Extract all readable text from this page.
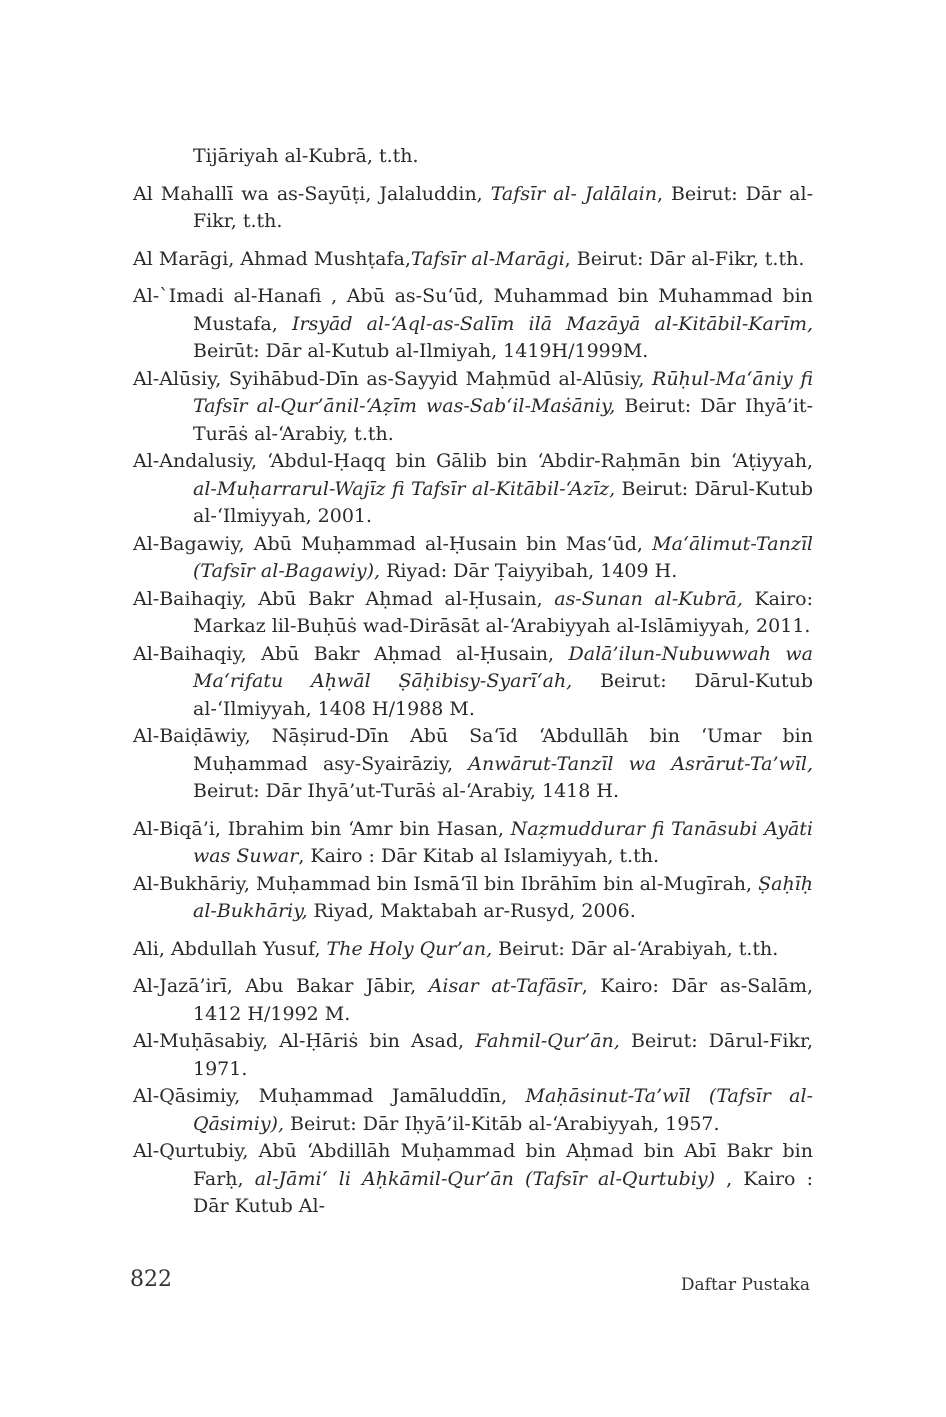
Tijāriyah al-Kubrā, t.th.

Al Mahallī wa as-Sayūṭi, Jalaluddin, Tafsīr al- Jalālain, Beirut: Dār al-Fikr, t.th.

Al Marāgi, Ahmad Mushṭafa,Tafsīr al-Marāgi, Beirut: Dār al-Fikr, t.th.

Al-`Imadi al-Hanafi , Abū as-Su‘ūd, Muhammad bin Muhammad bin Mustafa, Irsyād al-‘Aql-as-Salīm ilā Mazāyā al-Kitābil-Karīm, Beirūt: Dār al-Kutub al-Ilmiyah, 1419H/1999M.

Al-Alūsiy, Syihābud-Dīn as-Sayyid Maḥmūd al-Alūsiy, Rūḥul-Ma‘āniy fi Tafsīr al-Qur’ānil-‘Aẓīm was-Sab‘il-Maṡāniy, Beirut: Dār Ihyā’it-Turāṡ al-‘Arabiy, t.th.

Al-Andalusiy, ‘Abdul-Ḥaqq bin Gālib bin ‘Abdir-Raḥmān bin ‘Aṭiyyah, al-Muḥarrarul-Wajīz fi Tafsīr al-Kitābil-‘Azīz, Beirut: Dārul-Kutub al-‘Ilmiyyah, 2001.

Al-Bagawiy, Abū Muḥammad al-Ḥusain bin Mas‘ūd, Ma‘ālimut-Tanzīl (Tafsīr al-Bagawiy), Riyad: Dār Ṭaiyyibah, 1409 H.

Al-Baihaqiy, Abū Bakr Aḥmad al-Ḥusain, as-Sunan al-Kubrā, Kairo: Markaz lil-Buḥūṡ wad-Dirāsāt al-‘Arabiyyah al-Islāmiyyah, 2011.

Al-Baihaqiy, Abū Bakr Aḥmad al-Ḥusain, Dalā’ilun-Nubuwwah wa Ma‘rifatu Aḥwāl Ṣāḥibisy-Syarī‘ah, Beirut: Dārul-Kutub al-‘Ilmiyyah, 1408 H/1988 M.

Al-Baiḍāwiy, Nāṣirud-Dīn Abū Sa‘īd ‘Abdullāh bin ‘Umar bin Muḥammad asy-Syairāziy, Anwārut-Tanzīl wa Asrārut-Ta’wīl, Beirut: Dār Ihyā’ut-Turāṡ al-‘Arabiy, 1418 H.

Al-Biqā’i, Ibrahim bin ‘Amr bin Hasan, Naẓmuddurar fi Tanāsubi Ayāti was Suwar, Kairo : Dār Kitab al Islamiyyah, t.th.

Al-Bukhāriy, Muḥammad bin Ismā‘īl bin Ibrāhīm bin al-Mugīrah, Ṣaḥīḥ al-Bukhāriy, Riyad, Maktabah ar-Rusyd, 2006.

Ali, Abdullah Yusuf, The Holy Qur’an, Beirut: Dār al-‘Arabiyah, t.th.

Al-Jazā’irī, Abu Bakar Jābir, Aisar at-Tafāsīr, Kairo: Dār as-Salām, 1412 H/1992 M.

Al-Muḥāsabiy, Al-Ḥāriṡ bin Asad, Fahmil-Qur’ān, Beirut: Dārul-Fikr, 1971.

Al-Qāsimiy, Muḥammad Jamāluddīn, Maḥāsinut-Ta’wīl (Tafsīr al-Qāsimiy), Beirut: Dār Iḥyā’il-Kitāb al-‘Arabiyyah, 1957.

Al-Qurtubiy, Abū ‘Abdillāh Muḥammad bin Aḥmad bin Abī Bakr bin Farḥ, al-Jāmi‘ li Aḥkāmil-Qur’ān (Tafsīr al-Qurtubiy) , Kairo : Dār Kutub Al-

822	Daftar Pustaka
